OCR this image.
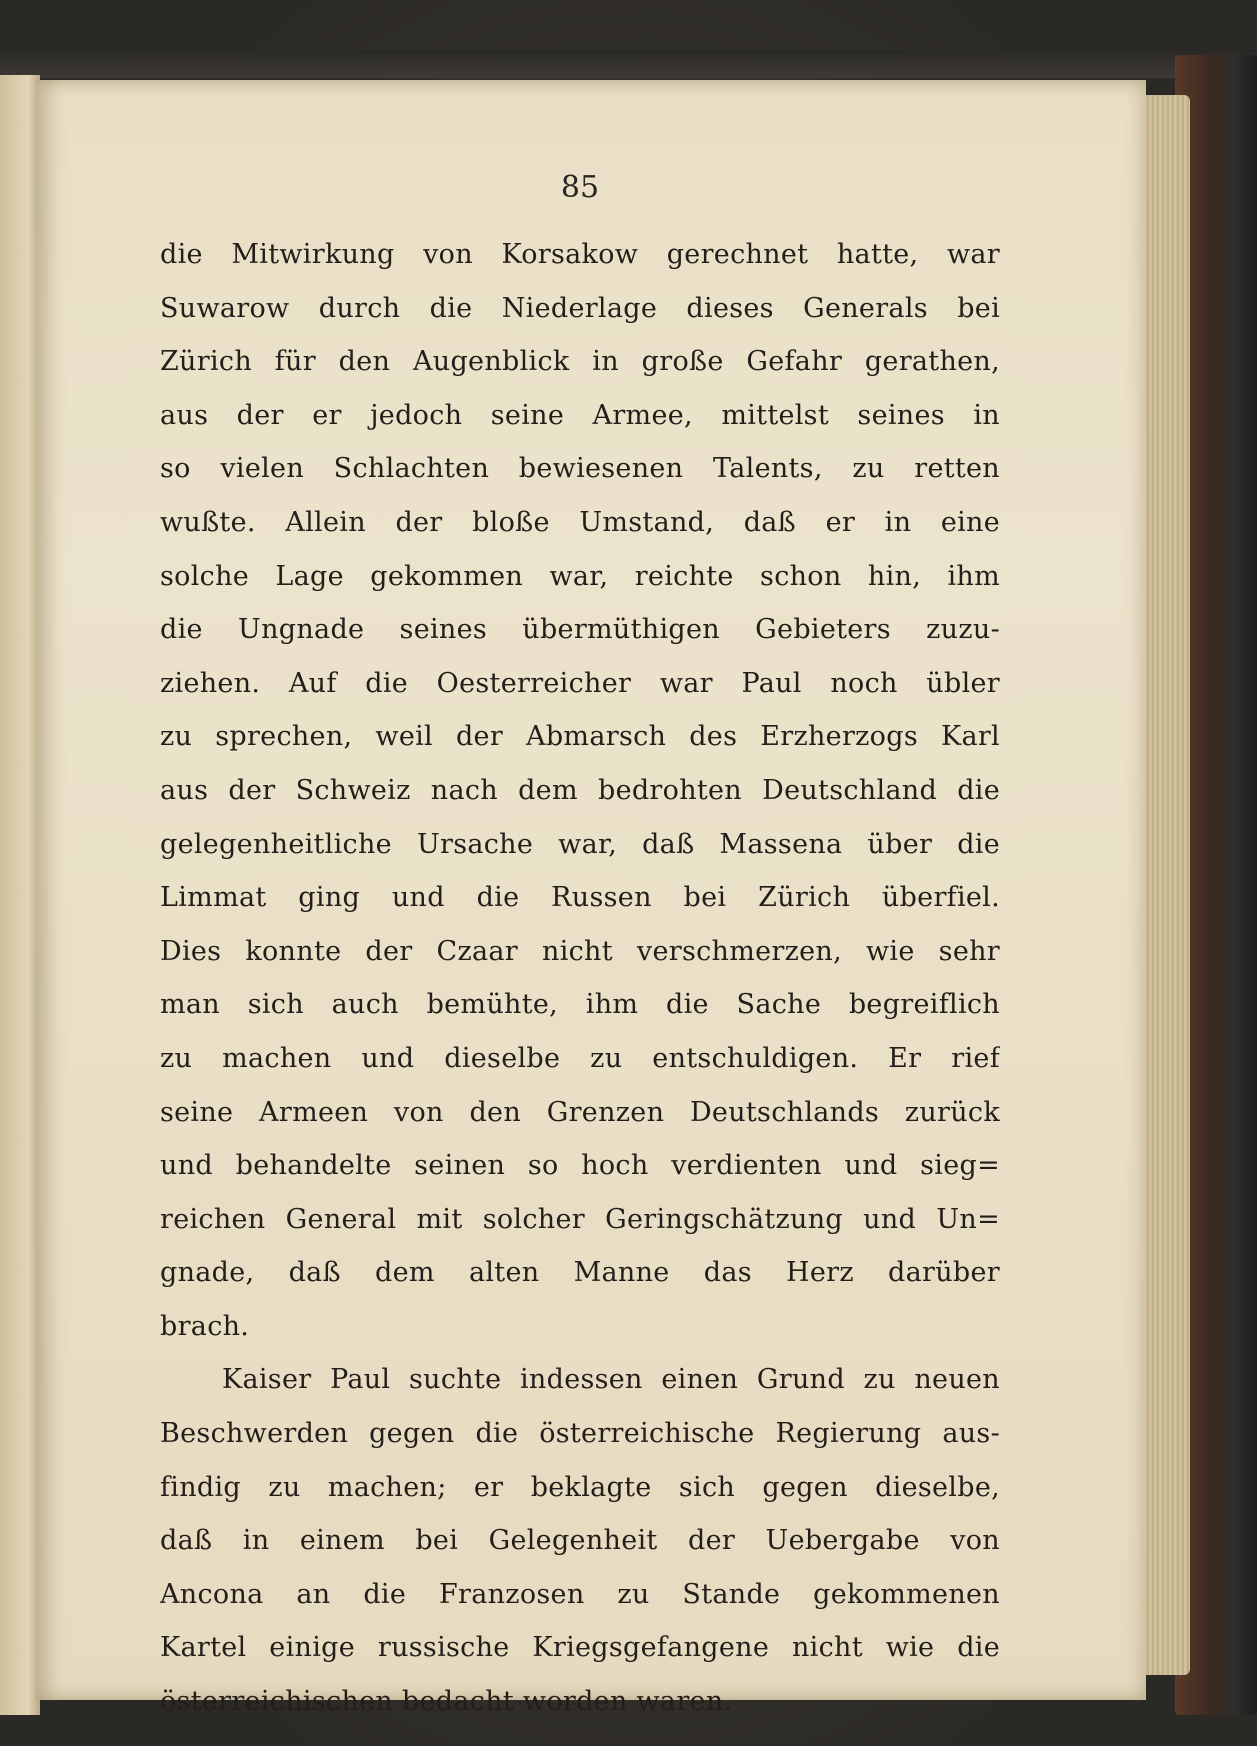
85
die Mitwirkung von Korsakow gerechnet hatte, war
Suwarow durch die Niederlage dieses Generals bei
Zürich für den Augenblick in große Gefahr gerathen,
aus der er jedoch seine Armee, mittelst seines in
so vielen Schlachten bewiesenen Talents, zu retten
wußte. Allein der bloße Umstand, daß er in eine
solche Lage gekommen war, reichte schon hin, ihm
die Ungnade seines übermüthigen Gebieters zuzu-
ziehen. Auf die Oesterreicher war Paul noch übler
zu sprechen, weil der Abmarsch des Erzherzogs Karl
aus der Schweiz nach dem bedrohten Deutschland die
gelegenheitliche Ursache war, daß Massena über die
Limmat ging und die Russen bei Zürich überfiel.
Dies konnte der Czaar nicht verschmerzen, wie sehr
man sich auch bemühte, ihm die Sache begreiflich
zu machen und dieselbe zu entschuldigen. Er rief
seine Armeen von den Grenzen Deutschlands zurück
und behandelte seinen so hoch verdienten und sieg=
reichen General mit solcher Geringschätzung und Un=
gnade, daß dem alten Manne das Herz darüber
brach.
Kaiser Paul suchte indessen einen Grund zu neuen
Beschwerden gegen die österreichische Regierung aus-
findig zu machen; er beklagte sich gegen dieselbe,
daß in einem bei Gelegenheit der Uebergabe von
Ancona an die Franzosen zu Stande gekommenen
Kartel einige russische Kriegsgefangene nicht wie die
österreichischen bedacht worden waren.
